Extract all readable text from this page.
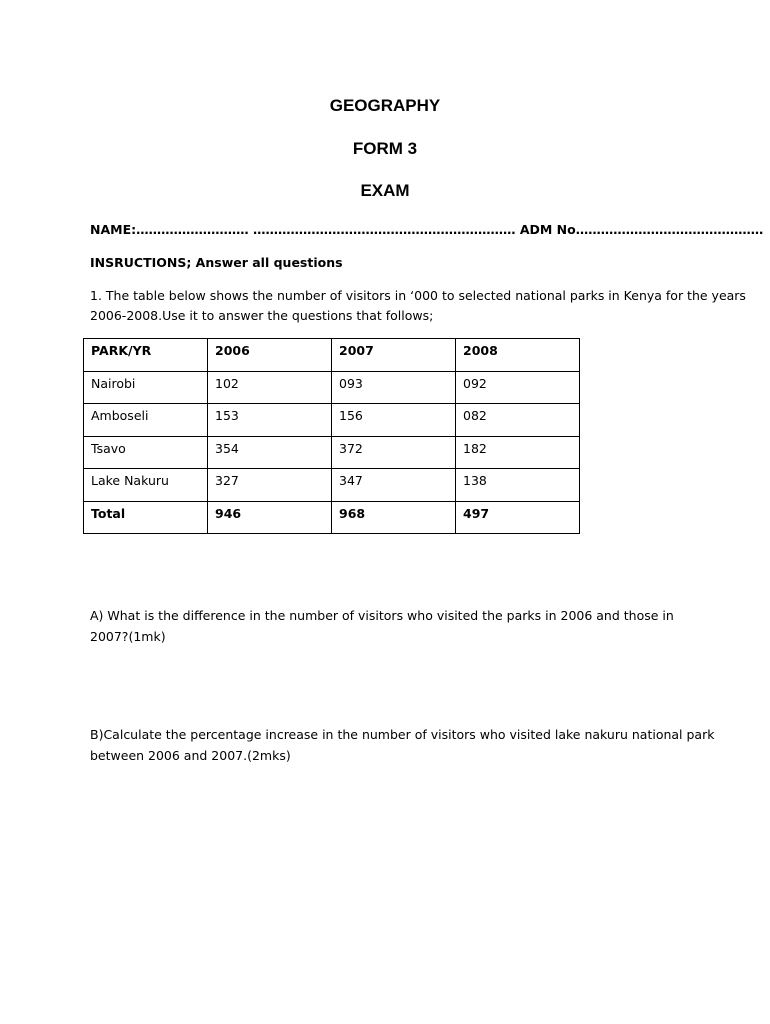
GEOGRAPHY
FORM 3
EXAM
NAME:……………………… ……………………………………………………… ADM No………………………………………
INSRUCTIONS; Answer all questions
1. The table below shows the number of visitors in ‘000 to selected national parks in Kenya for the years
2006-2008.Use it to answer the questions that follows;
PARK/YR	2006	2007	2008

Nairobi	102	093	092

Amboseli	153	156	082

Tsavo	354	372	182

Lake Nakuru	327	347	138

Total	946	968	497
A) What is the difference in the number of visitors who visited the parks in 2006 and those in
2007?(1mk)
B)Calculate the percentage increase in the number of visitors who visited lake nakuru national park
between 2006 and 2007.(2mks)
